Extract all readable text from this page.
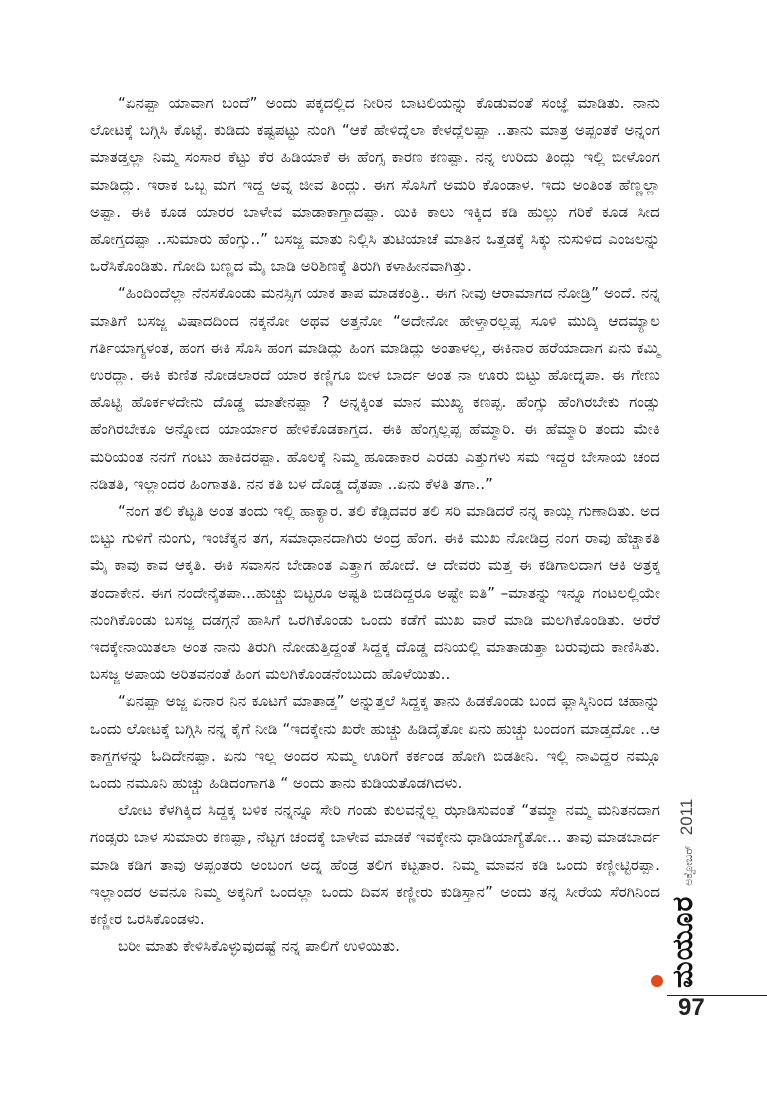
“ಏನಪ್ಪಾ ಯಾವಾಗ ಬಂದೆ” ಅಂದು ಪಕ್ಕದಲ್ಲಿದ ನೀರಿನ ಬಾಟಲಿಯನ್ನು ಕೊಡುವಂತೆ ಸಂಜ್ಞೆ ಮಾಡಿತು. ನಾನು ಲೋಟಕ್ಕೆ ಬಗ್ಗಿಸಿ ಕೊಟ್ಟೆ. ಕುಡಿದು ಕಷ್ಟಪಟ್ಟು ನುಂಗಿ “ಆಕೆ ಹೇಳಿದ್ನೆಲಾ ಕೇಳದ್ಲೆಲಪ್ಪಾ ..ತಾನು ಮಾತ್ರ ಅಪ್ಪಂತಕೆ ಅನ್ನಂಗ ಮಾತಡ್ತಲ್ಲಾ ನಿಮ್ಮ ಸಂಸಾರ ಕೆಟ್ಟು ಕೆರ ಹಿಡಿಯಾಕೆ ಈ ಹೆಂಗ್ಸ ಕಾರಣ ಕಣಪ್ಪಾ. ನನ್ನ ಉರಿದು ತಿಂದ್ಲು ಇಲ್ಲಿ ಬೀಳೊಂಗ ಮಾಡಿದ್ಲು. ಇರಾಕ ಒಬ್ಬ ಮಗ ಇದ್ದ ಅವ್ನ ಜೀವ ತಿಂದ್ಲು. ಈಗ ಸೊಸಿಗೆ ಅಮರಿ ಕೊಂಡಾಳ. ಇದು ಅಂತಿಂತ ಹೆಣ್ಣಲ್ಲಾ ಅಪ್ಪಾ. ಈಕಿ ಕೂಡ ಯಾರರ ಬಾಳೇವ ಮಾಡಾಕಾಗ್ತಾದಪ್ಪಾ. ಯಿಕಿ ಕಾಲು ಇಕ್ಕಿದ ಕಡಿ ಹುಲ್ಲು ಗರಿಕೆ ಕೂಡ ಸೀದ ಹೋಗ್ತದಪ್ಪಾ ..ಸುಮಾರು ಹೆಂಗ್ಸು..” ಬಸಜ್ಜ ಮಾತು ನಿಲ್ಲಿಸಿ ತುಟಿಯಾಚೆ ಮಾತಿನ ಒತ್ತಡಕ್ಕೆ ಸಿಕ್ಕು ನುಸುಳಿದ ಎಂಜಲನ್ನು ಒರೆಸಿಕೊಂಡಿತು. ಗೋದಿ ಬಣ್ಣದ ಮೈ ಬಾಡಿ ಅರಿಶಿಣಕ್ಕೆ ತಿರುಗಿ ಕಳಾಹೀನವಾಗಿತ್ತು.

“ಹಿಂದಿಂದೆಲ್ಲಾ ನೆನಸಕೊಂಡು ಮನಸ್ಸಿಗ ಯಾಕ ತಾಪ ಮಾಡಕಂತ್ರಿ.. ಈಗ ನೀವು ಆರಾಮಾಗದ ನೋಡ್ರಿ” ಅಂದೆ. ನನ್ನ ಮಾತಿಗೆ ಬಸಜ್ಜ ವಿಷಾದದಿಂದ ನಕ್ಕನೋ ಅಥವ ಅತ್ತನೋ “ಅದೇನೋ ಹೇಳ್ತಾರಲ್ಲಪ್ಪ ಸೂಳಿ ಮುದ್ಕಿ ಆದಮ್ಯಾಲ ಗರ್ತಿಯಾಗ್ಯಳಂತ, ಹಂಗ ಈಕಿ ಸೊಸಿ ಹಂಗ ಮಾಡಿದ್ಲು ಹಿಂಗ ಮಾಡಿದ್ಲು ಅಂತಾಳಲ್ಲ, ಈಕಿನಾರ ಹರೆಯಾದಾಗ ಏನು ಕಮ್ಮಿ ಉರದ್ಲಾ. ಈಕಿ ಕುಣಿತ ನೋಡಲಾರದೆ ಯಾರ ಕಣ್ಣಿಗೂ ಬೀಳ ಬಾರ್ದ ಅಂತ ನಾ ಊರು ಬಿಟ್ಟು ಹೋದ್ನಪಾ. ಈ ಗೇಣು ಹೊಟ್ಟಿ ಹೊರ್ಕಳದೇನು ದೊಡ್ಡ ಮಾತೇನಪ್ಪಾ ? ಅನ್ನಕ್ಕಿಂತ ಮಾನ ಮುಖ್ಯ ಕಣಪ್ಪ. ಹೆಂಗ್ಸು ಹೆಂಗಿರಬೇಕು ಗಂಡ್ಸು ಹೆಂಗಿರಬೇಕೂ ಅನ್ನೋದ ಯಾರ್ಯಾರ ಹೇಳಿಕೊಡಕಾಗ್ತದ. ಈಕಿ ಹೆಂಗ್ಸಲ್ಲಪ್ಪ ಹೆಮ್ಮಾರಿ. ಈ ಹೆಮ್ಮಾರಿ ತಂದು ಮೇಕಿ ಮರಿಯಂತ ನನಗೆ ಗಂಟು ಹಾಕಿದರಪ್ಪಾ. ಹೊಲಕ್ಕೆ ನಿಮ್ಮ ಹೂಡಾಕಾರ ಎರಡು ಎತ್ತುಗಳು ಸಮ ಇದ್ದರ ಬೇಸಾಯ ಚಂದ ನಡಿತತಿ, ಇಲ್ಲಾಂದರ ಹಿಂಗಾತತಿ. ನನ ಕತಿ ಬಳ ದೊಡ್ಡ ದೈತಪಾ ..ಏನು ಕೆಳತಿ ತಗಾ..”

“ನಂಗ ತಲಿ ಕೆಟ್ಟತಿ ಅಂತ ತಂದು ಇಲ್ಲಿ ಹಾಕ್ಯಾರ. ತಲಿ ಕೆಡ್ಸಿದವರ ತಲಿ ಸರಿ ಮಾಡಿದರೆ ನನ್ನ ಕಾಯ್ಲಿ ಗುಣಾದಿತು. ಅದ ಬಿಟ್ಟು ಗುಳಿಗೆ ನುಂಗು, ಇಂಜೆಕ್ಶನ ತಗ, ಸಮಾಧಾನದಾಗಿರು ಅಂದ್ರ ಹೆಂಗ. ಈಕಿ ಮುಖ ನೋಡಿದ್ರ ನಂಗ ರಾವು ಹೆಚ್ಚಾಕತಿ ಮೈ ಕಾವು ಕಾವ ಆಕ್ಕತಿ. ಈಕಿ ಸವಾಸನ ಬೇಡಾಂತ ಎತ್ತ್ರಾಗ ಹೋದೆ. ಆ ದೇವರು ಮತ್ತ ಈ ಕಡಿಗಾಲದಾಗ ಆಕಿ ಅತ್ರಕ್ಕ ತಂದಾಕೇನ. ಈಗ ನಂದೇನೈತಪಾ...ಹುಚ್ಚು ಬಿಟ್ಟರೂ ಅಷ್ಟತಿ ಬಿಡದಿದ್ದರೂ ಅಷ್ಟೇ ಐತಿ” –ಮಾತನ್ನು ಇನ್ನೂ ಗಂಟಲಲ್ಲಿಯೇ ನುಂಗಿಕೊಂಡು ಬಸಜ್ಜ ದಡಗ್ಗನೆ ಹಾಸಿಗೆ ಒರಗಿಕೊಂಡು ಒಂದು ಕಡೆಗೆ ಮುಖ ವಾರೆ ಮಾಡಿ ಮಲಗಿಕೊಂಡಿತು. ಅರೆರೆ ಇದಕ್ಕೇನಾಯಿತಲಾ ಅಂತ ನಾನು ತಿರುಗಿ ನೋಡುತ್ತಿದ್ದಂತೆ ಸಿದ್ದಕ್ಕ ದೊಡ್ಡ ದನಿಯಲ್ಲಿ ಮಾತಾಡುತ್ತಾ ಬರುವುದು ಕಾಣಿಸಿತು. ಬಸಜ್ಜ ಅಪಾಯ ಅರಿತವನಂತೆ ಹಿಂಗ ಮಲಗಿಕೊಂಡನೆಂಬುದು ಹೊಳೆಯಿತು..

“ಏನಪ್ಪಾ ಅಜ್ಜ ಏನಾರ ನಿನ ಕೂಟಗೆ ಮಾತಾಡ್ತ” ಅನ್ನುತ್ತಲೆ ಸಿದ್ದಕ್ಕ ತಾನು ಹಿಡಕೊಂಡು ಬಂದ ಫ್ಲಾಸ್ಕಿನಿಂದ ಚಹಾನ್ನು ಒಂದು ಲೋಟಕ್ಕೆ ಬಗ್ಗಿಸಿ ನನ್ನ ಕೈಗೆ ನೀಡಿ “ಇದಕ್ಕೇನು ಖರೇ ಹುಚ್ಚು ಹಿಡಿದೈತೋ ಏನು ಹುಚ್ಚು ಬಂದಂಗ ಮಾಡ್ತದೋ ..ಆ ಕಾಗ್ದಗಳನ್ನು ಓದಿದೇನಪ್ಪಾ. ಏನು ಇಲ್ಲ ಅಂದರ ಸುಮ್ಮ ಊರಿಗೆ ಕರ್ಕಂಡ ಹೋಗಿ ಬಿಡತೀನಿ. ಇಲ್ಲಿ ನಾವಿದ್ದರ ನಮ್ಗೂ ಒಂದು ನಮೂನಿ ಹುಚ್ಚು ಹಿಡಿದಂಗಾಗತಿ “ ಅಂದು ತಾನು ಕುಡಿಯತೊಡಗಿದಳು.

ಲೋಟ ಕೆಳಗಿಕ್ಕಿದ ಸಿದ್ದಕ್ಕ ಬಳಿಕ ನನ್ನನ್ನೂ ಸೇರಿ ಗಂಡು ಕುಲವನ್ನೆಲ್ಲ ಝಾಡಿಸುವಂತೆ “ತಮ್ಮಾ ನಮ್ಮ ಮನಿತನದಾಗ ಗಂಡ್ಸರು ಬಾಳ ಸುಮಾರು ಕಣಪ್ಪಾ, ನೆಟ್ಟಗ ಚಂದಕ್ಕೆ ಬಾಳೇವ ಮಾಡಕೆ ಇವಕ್ಕೇನು ಧಾಡಿಯಾಗ್ಯೆತೋ... ತಾವು ಮಾಡಬಾರ್ದ ಮಾಡಿ ಕಡಿಗ ತಾವು ಅಪ್ಪಂತರು ಅಂಬಂಗ ಅದ್ನ ಹೆಂಡ್ರ ತಲಿಗ ಕಟ್ಟತಾರ. ನಿಮ್ಮ ಮಾವನ ಕಡಿ ಒಂದು ಕಣ್ಣೀಟ್ಟಿರಪ್ಪಾ. ಇಲ್ಲಾಂದರ ಅವನೂ ನಿಮ್ಮ ಅಕ್ಕನಿಗೆ ಒಂದಲ್ಲಾ ಒಂದು ದಿವಸ ಕಣ್ಣೀರು ಕುಡಿಸ್ತಾನ” ಅಂದು ತನ್ನ ಸೀರೆಯ ಸೆರಗಿನಿಂದ ಕಣ್ಣೀರ ಒರಸಿಕೊಂಡಳು.

ಬರೀ ಮಾತು ಕೇಳಿಸಿಕೊಳ್ಳುವುದಷ್ಟೆ ನನ್ನ ಪಾಲಿಗೆ ಉಳಿಯಿತು.	ಮಯೂರ
ಅಕ್ಟೋಬರ್
2011
97
